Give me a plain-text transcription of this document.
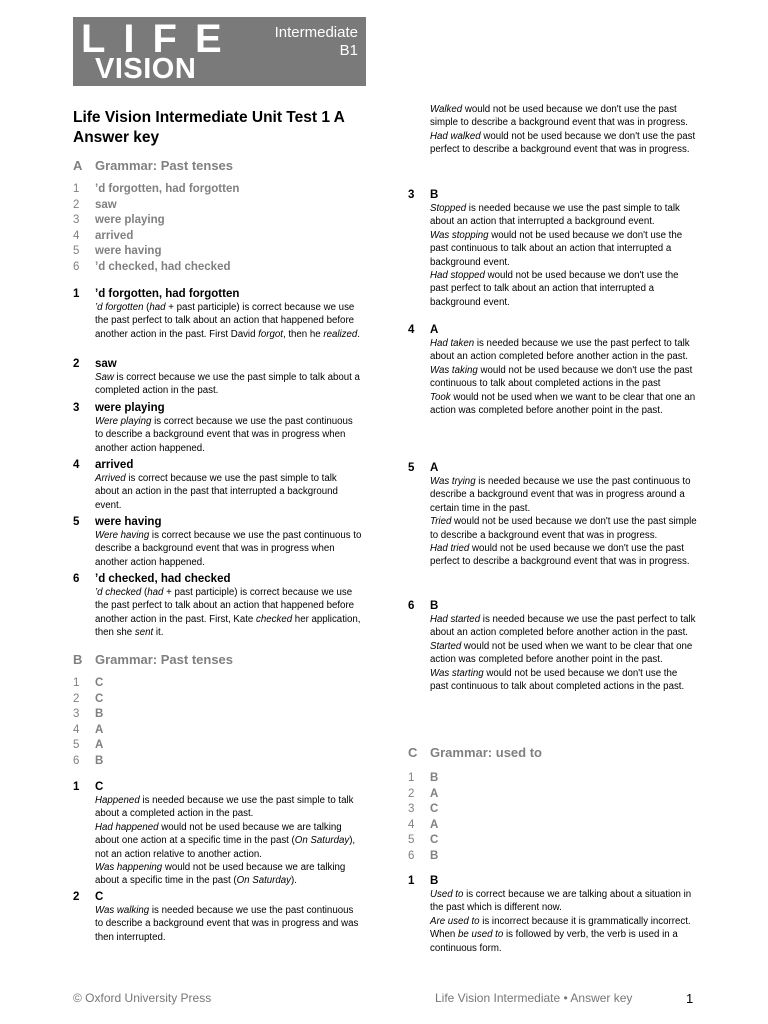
LIFE
VISION
Intermediate
B1
Life Vision Intermediate Unit Test 1 A Answer key
A Grammar: Past tenses
1 ’d forgotten, had forgotten
2 saw
3 were playing
4 arrived
5 were having
6 ’d checked, had checked
1 ’d forgotten, had forgotten

’d forgotten (had + past participle) is correct because we use the past perfect to talk about an action that happened before another action in the past. First David forgot, then he realized.

2 saw

Saw is correct because we use the past simple to talk about a completed action in the past.

3 were playing

Were playing is correct because we use the past continuous to describe a background event that was in progress when another action happened.

4 arrived

Arrived is correct because we use the past simple to talk about an action in the past that interrupted a background event.

5 were having

Were having is correct because we use the past continuous to describe a background event that was in progress when another action happened.

6 ’d checked, had checked

’d checked (had + past participle) is correct because we use the past perfect to talk about an action that happened before another action in the past. First, Kate checked her application, then she sent it.

B Grammar: Past tenses
1 C
2 C
3 B
4 A
5 A
6 B
1 C

Happened is needed because we use the past simple to talk about a completed action in the past.

Had happened would not be used because we are talking about one action at a specific time in the past (On Saturday), not an action relative to another action.

Was happening would not be used because we are talking about a specific time in the past (On Saturday).

Walked would not be used because we don't use the past simple to describe a background event that was in progress.

Had walked would not be used because we don't use the past perfect to describe a background event that was in progress.

2 C

Was walking is needed because we use the past continuous to describe a background event that was in progress and was then interrupted.

3 B

Stopped is needed because we use the past simple to talk about an action that interrupted a background event.

Was stopping would not be used because we don't use the past continuous to talk about an action that interrupted a background event.

Had stopped would not be used because we don't use the past perfect to talk about an action that interrupted a background event.

4 A

Had taken is needed because we use the past perfect to talk about an action completed before another action in the past.

Was taking would not be used because we don't use the past continuous to talk about completed actions in the past

Took would not be used when we want to be clear that one an action was completed before another point in the past.

5 A

Was trying is needed because we use the past continuous to describe a background event that was in progress around a certain time in the past.

Tried would not be used because we don't use the past simple to describe a background event that was in progress.

Had tried would not be used because we don't use the past perfect to describe a background event that was in progress.

6 B

Had started is needed because we use the past perfect to talk about an action completed before another action in the past.

Started would not be used when we want to be clear that one action was completed before another point in the past.

Was starting would not be used because we don't use the past continuous to talk about completed actions in the past.

C Grammar: used to
1 B
2 A
3 C
4 A
5 C
6 B
1 B

Used to is correct because we are talking about a situation in the past which is different now.

Are used to is incorrect because it is grammatically incorrect. When be used to is followed by verb, the verb is used in a continuous form.

© Oxford University Press	Life Vision Intermediate • Answer key	1
